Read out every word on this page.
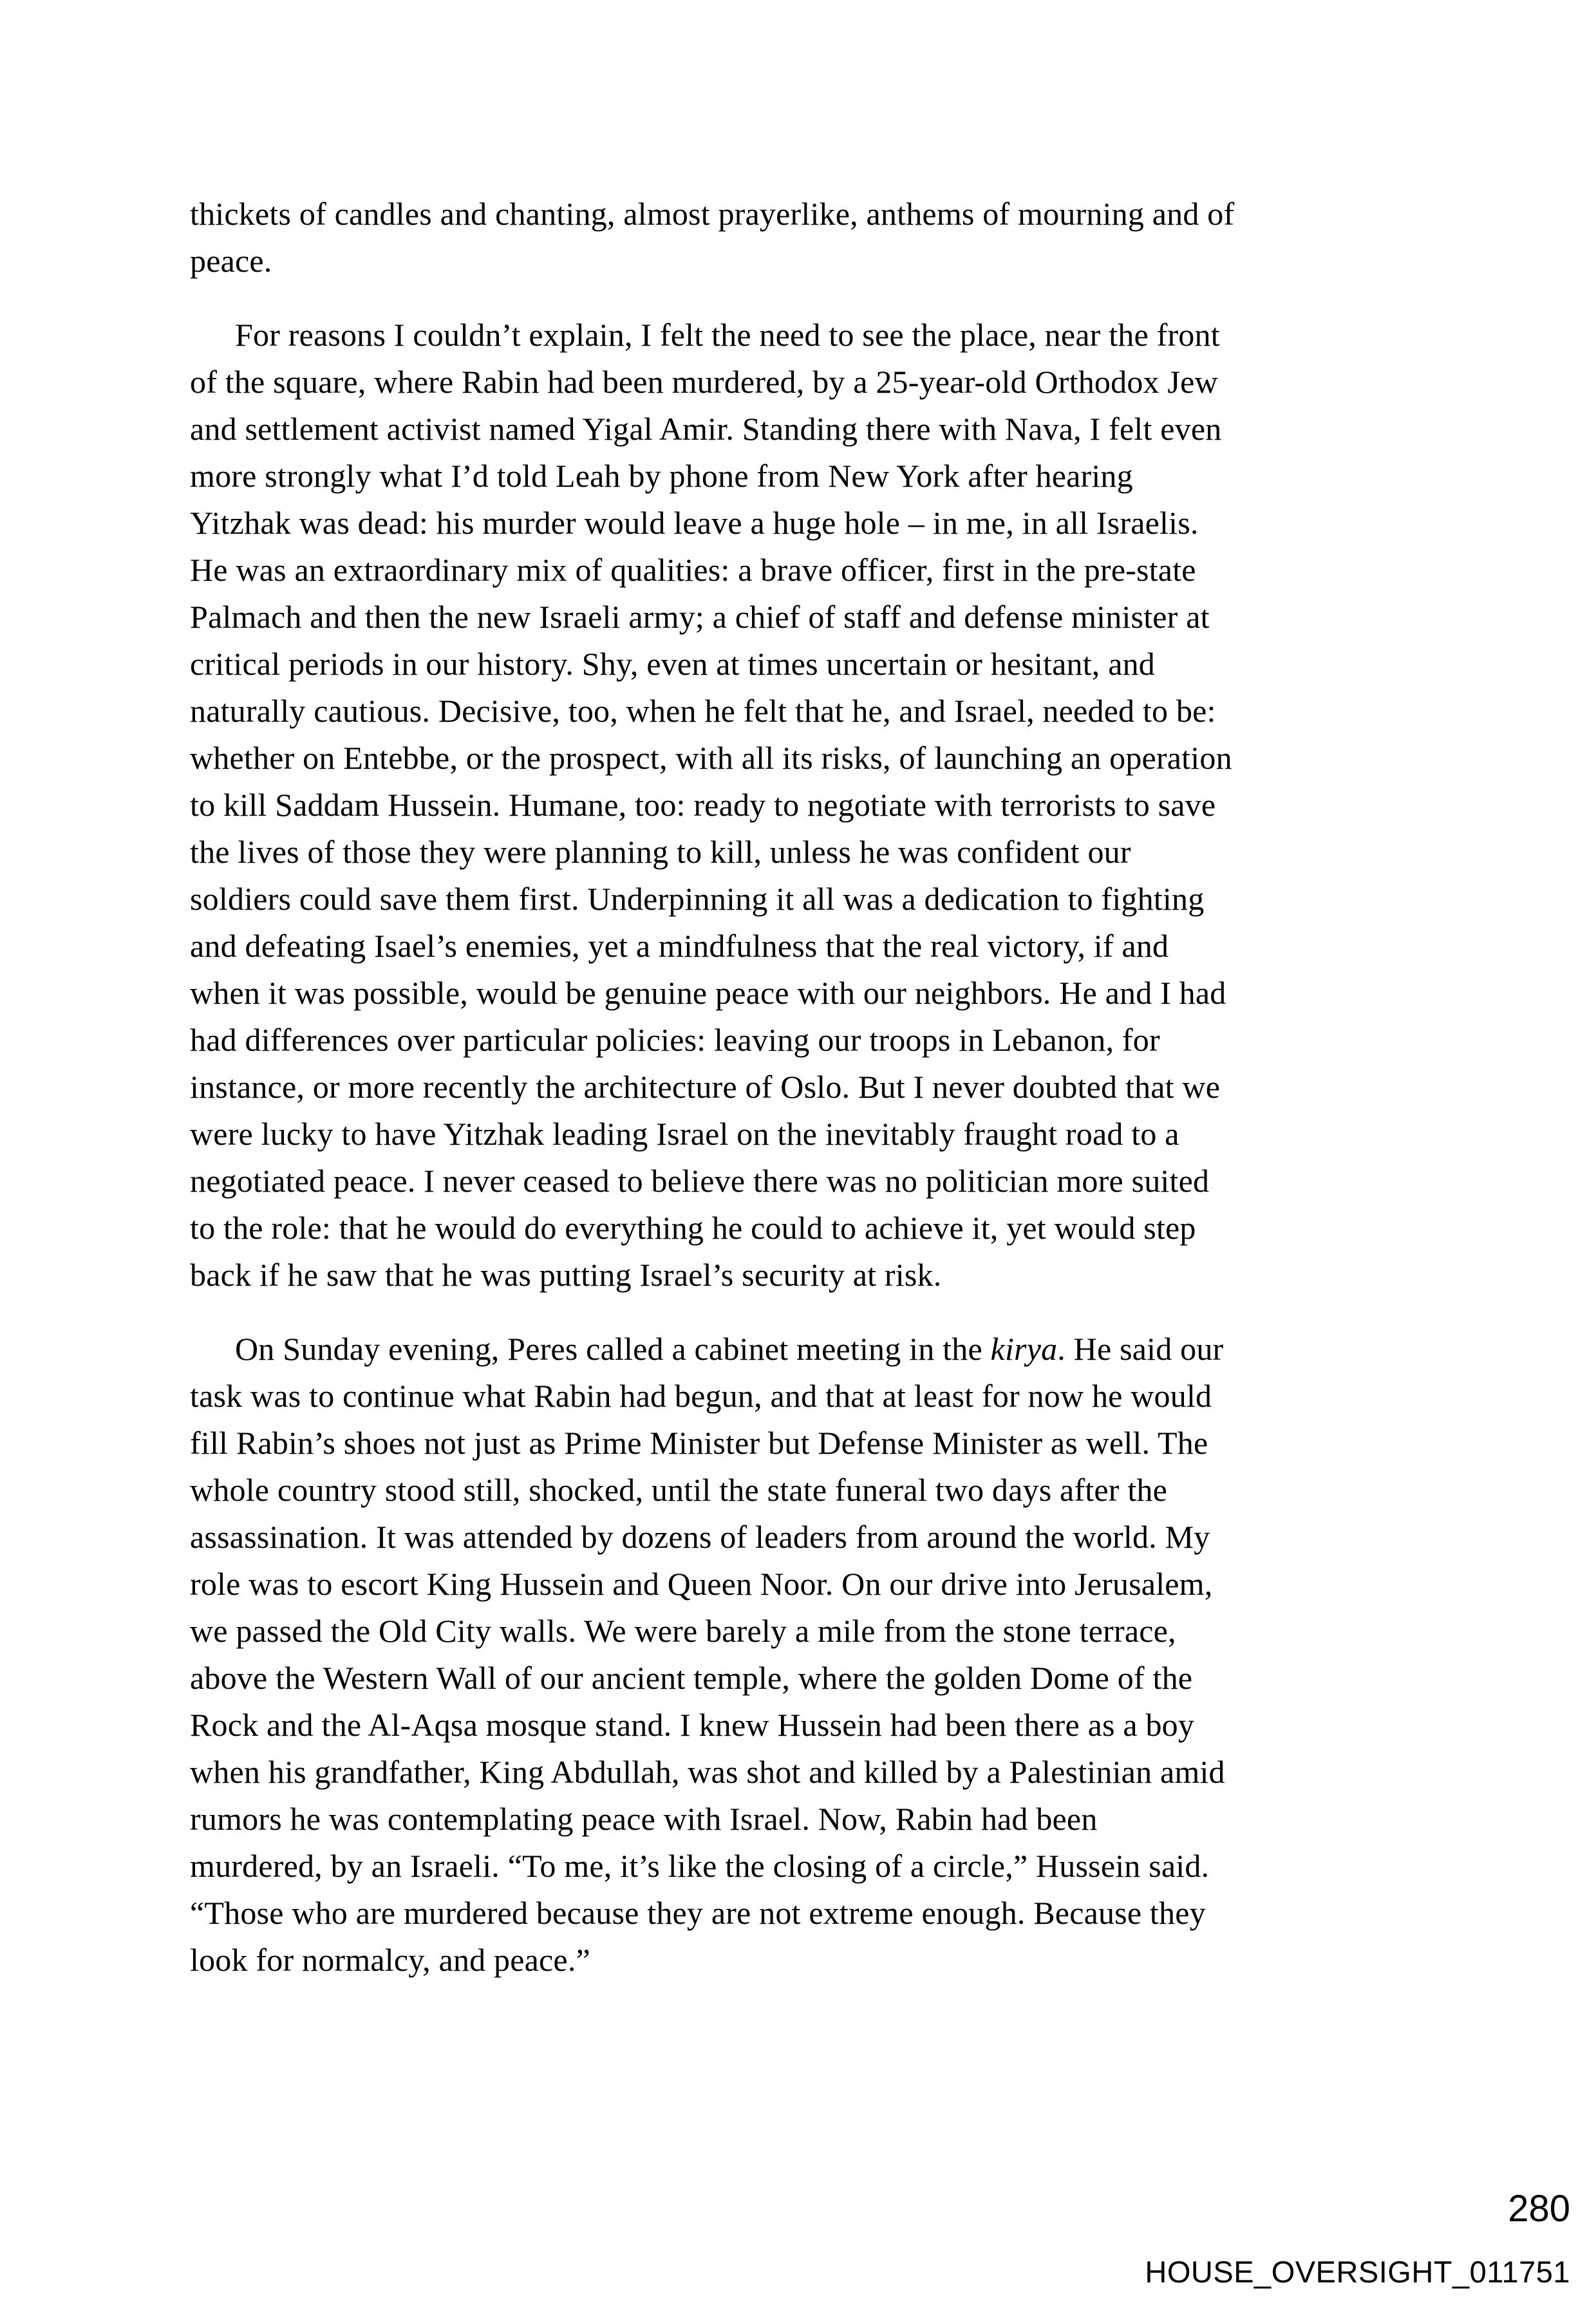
thickets of candles and chanting, almost prayerlike, anthems of mourning and of
peace.
For reasons I couldn’t explain, I felt the need to see the place, near the front
of the square, where Rabin had been murdered, by a 25-year-old Orthodox Jew
and settlement activist named Yigal Amir. Standing there with Nava, I felt even
more strongly what I’d told Leah by phone from New York after hearing
Yitzhak was dead: his murder would leave a huge hole – in me, in all Israelis.
He was an extraordinary mix of qualities: a brave officer, first in the pre-state
Palmach and then the new Israeli army; a chief of staff and defense minister at
critical periods in our history. Shy, even at times uncertain or hesitant, and
naturally cautious. Decisive, too, when he felt that he, and Israel, needed to be:
whether on Entebbe, or the prospect, with all its risks, of launching an operation
to kill Saddam Hussein. Humane, too: ready to negotiate with terrorists to save
the lives of those they were planning to kill, unless he was confident our
soldiers could save them first. Underpinning it all was a dedication to fighting
and defeating Isael’s enemies, yet a mindfulness that the real victory, if and
when it was possible, would be genuine peace with our neighbors. He and I had
had differences over particular policies: leaving our troops in Lebanon, for
instance, or more recently the architecture of Oslo. But I never doubted that we
were lucky to have Yitzhak leading Israel on the inevitably fraught road to a
negotiated peace. I never ceased to believe there was no politician more suited
to the role: that he would do everything he could to achieve it, yet would step
back if he saw that he was putting Israel’s security at risk.
On Sunday evening, Peres called a cabinet meeting in the kirya. He said our
task was to continue what Rabin had begun, and that at least for now he would
fill Rabin’s shoes not just as Prime Minister but Defense Minister as well. The
whole country stood still, shocked, until the state funeral two days after the
assassination. It was attended by dozens of leaders from around the world. My
role was to escort King Hussein and Queen Noor. On our drive into Jerusalem,
we passed the Old City walls. We were barely a mile from the stone terrace,
above the Western Wall of our ancient temple, where the golden Dome of the
Rock and the Al-Aqsa mosque stand. I knew Hussein had been there as a boy
when his grandfather, King Abdullah, was shot and killed by a Palestinian amid
rumors he was contemplating peace with Israel. Now, Rabin had been
murdered, by an Israeli. “To me, it’s like the closing of a circle,” Hussein said.
“Those who are murdered because they are not extreme enough. Because they
look for normalcy, and peace.”
280
HOUSE_OVERSIGHT_011751
